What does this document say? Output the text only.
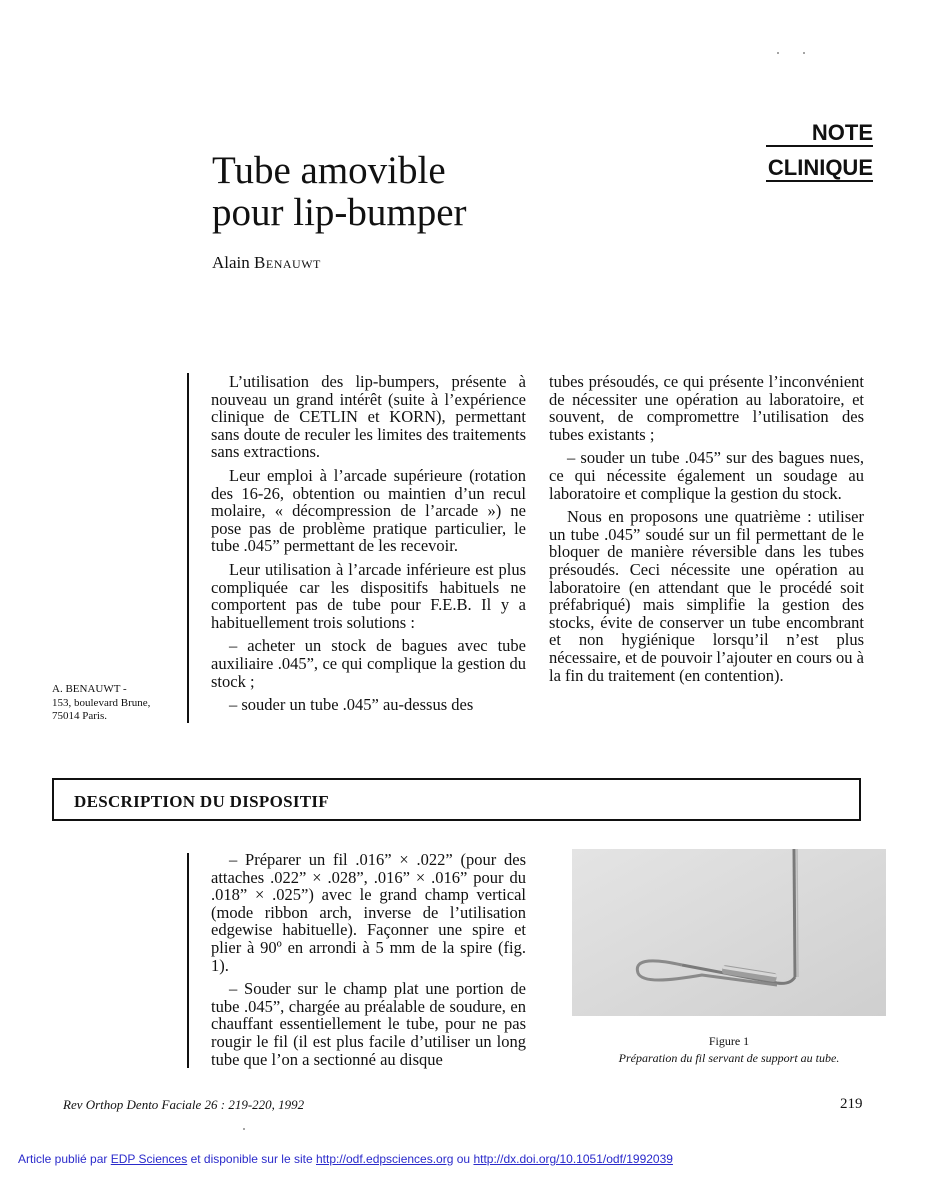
NOTE
CLINIQUE
Tube amovible
pour lip-bumper
Alain Benauwt

L’utilisation des lip-bumpers, présente à nouveau un grand intérêt (suite à l’expérience clinique de CETLIN et KORN), permettant sans doute de reculer les limites des traitements sans extractions.

Leur emploi à l’arcade supérieure (rotation des 16-26, obtention ou maintien d’un recul molaire, « décompression de l’arcade ») ne pose pas de problème pratique particulier, le tube .045” permettant de les recevoir.

Leur utilisation à l’arcade inférieure est plus compliquée car les dispositifs habituels ne comportent pas de tube pour F.E.B. Il y a habituellement trois solutions :

– acheter un stock de bagues avec tube auxiliaire .045”, ce qui complique la gestion du stock ;

– souder un tube .045” au-dessus des

tubes présoudés, ce qui présente l’inconvénient de nécessiter une opération au laboratoire, et souvent, de compromettre l’utilisation des tubes existants ;

– souder un tube .045” sur des bagues nues, ce qui nécessite également un soudage au laboratoire et complique la gestion du stock.

Nous en proposons une quatrième : utiliser un tube .045” soudé sur un fil permettant de le bloquer de manière réversible dans les tubes présoudés. Ceci nécessite une opération au laboratoire (en attendant que le procédé soit préfabriqué) mais simplifie la gestion des stocks, évite de conserver un tube encombrant et non hygiénique lorsqu’il n’est plus nécessaire, et de pouvoir l’ajouter en cours ou à la fin du traitement (en contention).

A. BENAUWT -
153, boulevard Brune,
75014 Paris.
DESCRIPTION DU DISPOSITIF

– Préparer un fil .016” × .022” (pour des attaches .022” × .028”, .016” × .016” pour du .018” × .025”) avec le grand champ vertical (mode ribbon arch, inverse de l’utilisation edgewise habituelle). Façonner une spire et plier à 90º en arrondi à 5 mm de la spire (fig. 1).

– Souder sur le champ plat une portion de tube .045”, chargée au préalable de soudure, en chauffant essentiellement le tube, pour ne pas rougir le fil (il est plus facile d’utiliser un long tube que l’on a sectionné au disque

Figure 1
Préparation du fil servant de support au tube.
Rev Orthop Dento Faciale 26 : 219-220, 1992	219
Article publié par EDP Sciences et disponible sur le site http://odf.edpsciences.org ou http://dx.doi.org/10.1051/odf/1992039
